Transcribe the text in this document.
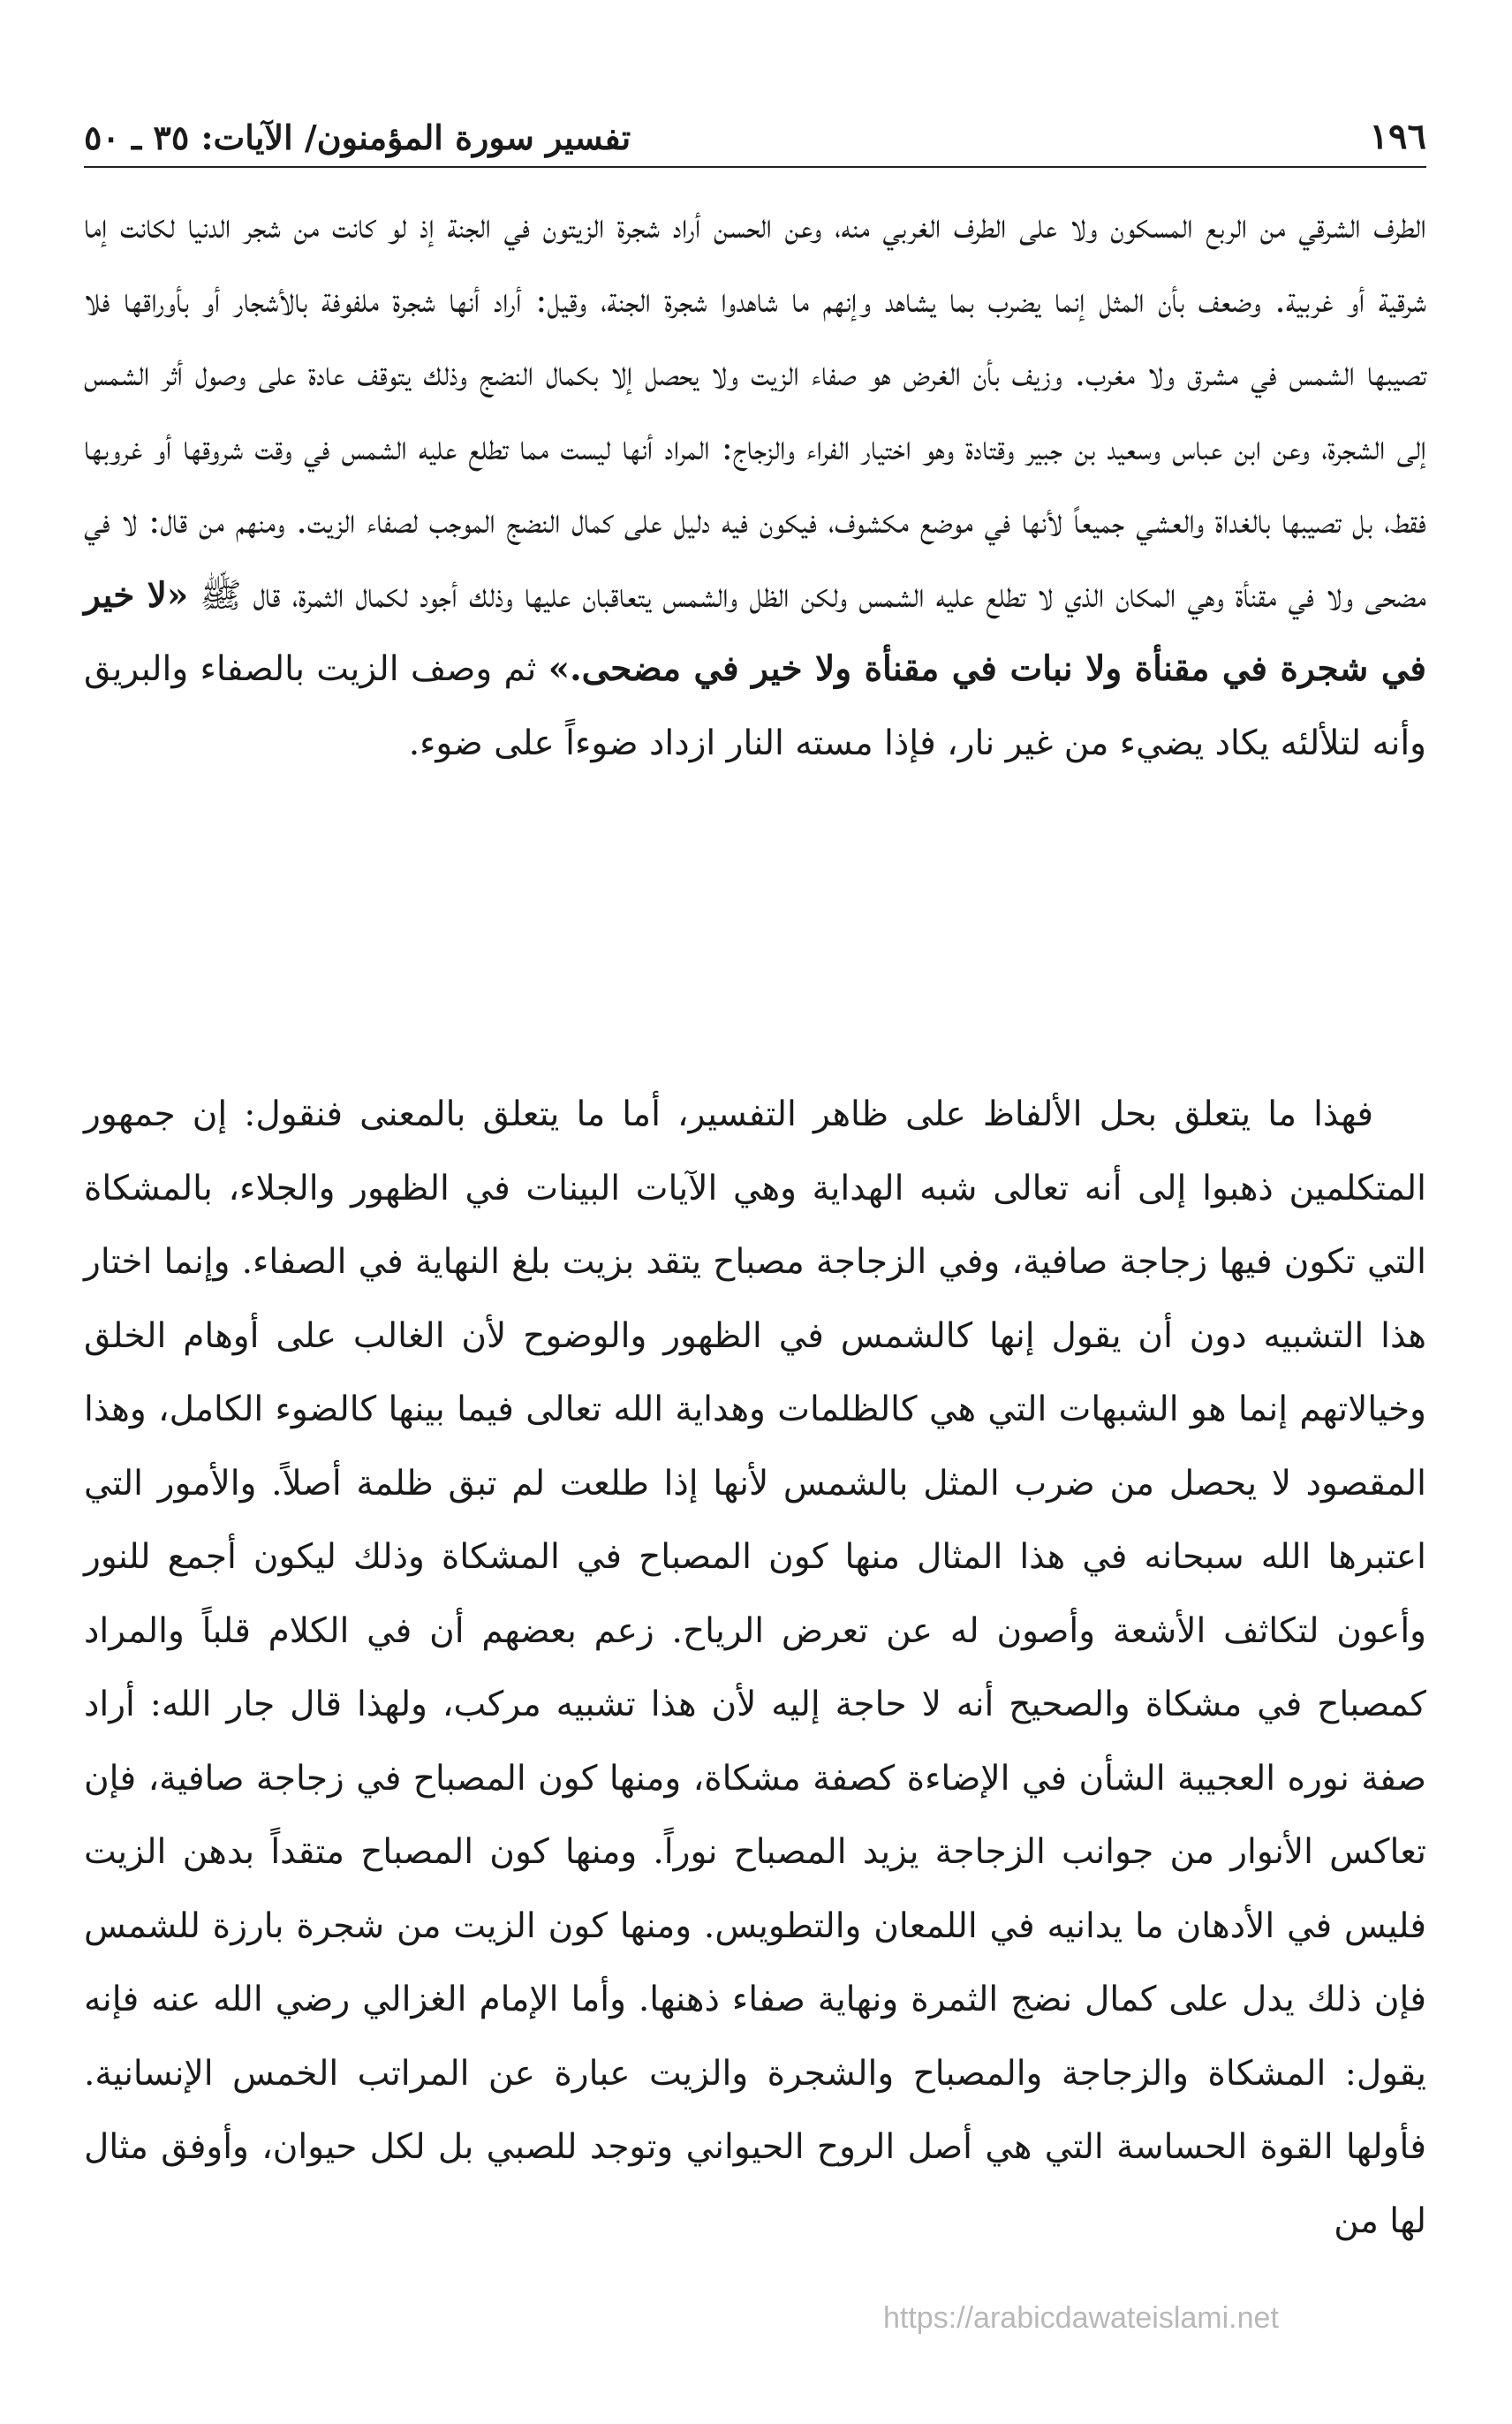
١٩٦
تفسير سورة المؤمنون/ الآيات: ٣٥ ـ ٥٠

الطرف الشرقي من الربع المسكون ولا على الطرف الغربي منه، وعن الحسن أراد شجرة الزيتون في الجنة إذ لو كانت من شجر الدنيا لكانت إما شرقية أو غربية. وضعف بأن المثل إنما يضرب بما يشاهد وإنهم ما شاهدوا شجرة الجنة، وقيل: أراد أنها شجرة ملفوفة بالأشجار أو بأوراقها فلا تصيبها الشمس في مشرق ولا مغرب. وزيف بأن الغرض هو صفاء الزيت ولا يحصل إلا بكمال النضج وذلك يتوقف عادة على وصول أثر الشمس إلى الشجرة، وعن ابن عباس وسعيد بن جبير وقتادة وهو اختيار الفراء والزجاج: المراد أنها ليست مما تطلع عليه الشمس في وقت شروقها أو غروبها فقط، بل تصيبها بالغداة والعشي جميعاً لأنها في موضع مكشوف، فيكون فيه دليل على كمال النضج الموجب لصفاء الزيت. ومنهم من قال: لا في مضحى ولا في مقنأة وهي المكان الذي لا تطلع عليه الشمس ولكن الظل والشمس يتعاقبان عليها وذلك أجود لكمال الثمرة، قال ﷺ «لا خير في شجرة في مقنأة ولا نبات في مقنأة ولا خير في مضحى.» ثم وصف الزيت بالصفاء والبريق وأنه لتلألئه يكاد يضيء من غير نار، فإذا مسته النار ازداد ضوءاً على ضوء.

فهذا ما يتعلق بحل الألفاظ على ظاهر التفسير، أما ما يتعلق بالمعنى فنقول: إن جمهور المتكلمين ذهبوا إلى أنه تعالى شبه الهداية وهي الآيات البينات في الظهور والجلاء، بالمشكاة التي تكون فيها زجاجة صافية، وفي الزجاجة مصباح يتقد بزيت بلغ النهاية في الصفاء. وإنما اختار هذا التشبيه دون أن يقول إنها كالشمس في الظهور والوضوح لأن الغالب على أوهام الخلق وخيالاتهم إنما هو الشبهات التي هي كالظلمات وهداية الله تعالى فيما بينها كالضوء الكامل، وهذا المقصود لا يحصل من ضرب المثل بالشمس لأنها إذا طلعت لم تبق ظلمة أصلاً. والأمور التي اعتبرها الله سبحانه في هذا المثال منها كون المصباح في المشكاة وذلك ليكون أجمع للنور وأعون لتكاثف الأشعة وأصون له عن تعرض الرياح. زعم بعضهم أن في الكلام قلباً والمراد كمصباح في مشكاة والصحيح أنه لا حاجة إليه لأن هذا تشبيه مركب، ولهذا قال جار الله: أراد صفة نوره العجيبة الشأن في الإضاءة كصفة مشكاة، ومنها كون المصباح في زجاجة صافية، فإن تعاكس الأنوار من جوانب الزجاجة يزيد المصباح نوراً. ومنها كون المصباح متقداً بدهن الزيت فليس في الأدهان ما يدانيه في اللمعان والتطويس. ومنها كون الزيت من شجرة بارزة للشمس فإن ذلك يدل على كمال نضج الثمرة ونهاية صفاء ذهنها. وأما الإمام الغزالي رضي الله عنه فإنه يقول: المشكاة والزجاجة والمصباح والشجرة والزيت عبارة عن المراتب الخمس الإنسانية. فأولها القوة الحساسة التي هي أصل الروح الحيواني وتوجد للصبي بل لكل حيوان، وأوفق مثال لها من

https://arabicdawateislami.net
